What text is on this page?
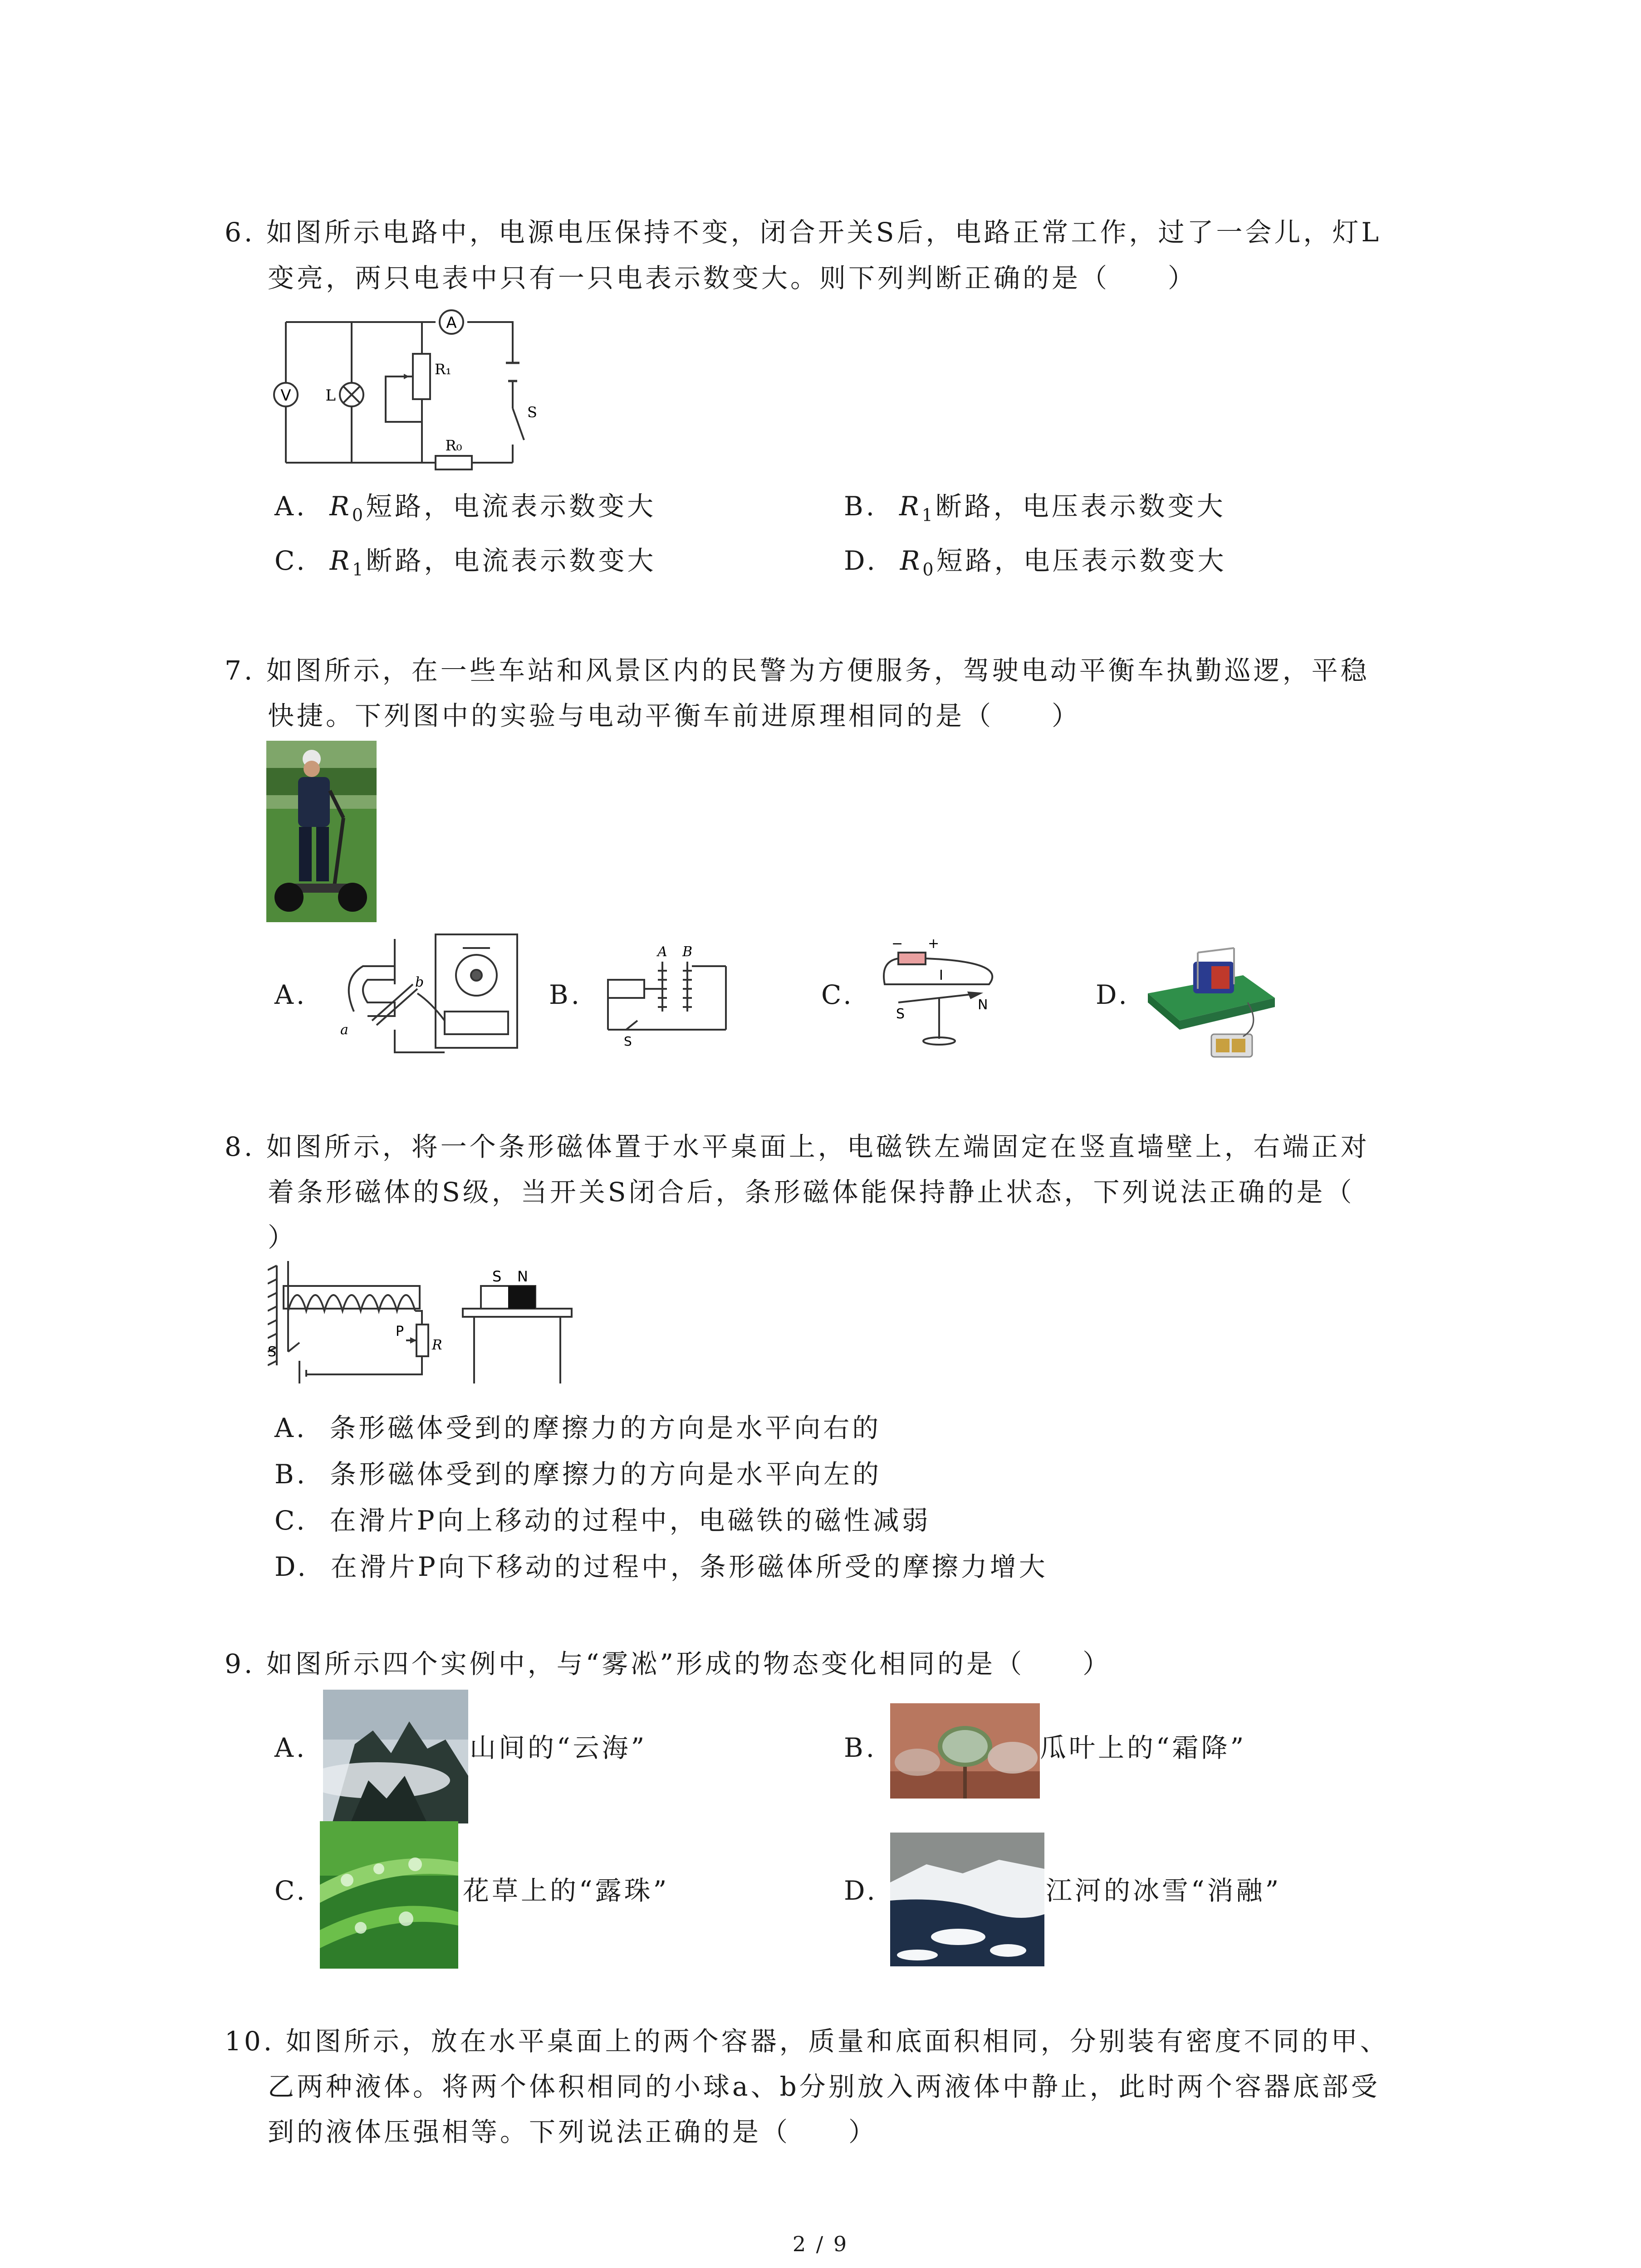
6. 如图所示电路中，电源电压保持不变，闭合开关S后，电路正常工作，过了一会儿，灯L
变亮，两只电表中只有一只电表示数变大。则下列判断正确的是（　　）
V
A
L
R₁
R₀
S
A. $R_0$短路，电流表示数变大	B. $R_1$断路，电压表示数变大
C. $R_1$断路，电流表示数变大	D. $R_0$短路，电压表示数变大
7. 如图所示，在一些车站和风景区内的民警为方便服务，驾驶电动平衡车执勤巡逻，平稳
快捷。下列图中的实验与电动平衡车前进原理相同的是（　　）
A.
a
b	B.
A B
S
C.
− +
I
S
N	D.
8. 如图所示，将一个条形磁体置于水平桌面上，电磁铁左端固定在竖直墙壁上，右端正对
着条形磁体的S级，当开关S闭合后，条形磁体能保持静止状态，下列说法正确的是（
）
S N
S
P
R
A. 条形磁体受到的摩擦力的方向是水平向右的
B. 条形磁体受到的摩擦力的方向是水平向左的
C. 在滑片P向上移动的过程中，电磁铁的磁性减弱
D. 在滑片P向下移动的过程中，条形磁体所受的摩擦力增大
9. 如图所示四个实例中，与“雾凇”形成的物态变化相同的是（　　）
A.	山间的“云海”	B.	瓜叶上的“霜降”
C.	花草上的“露珠”	D.	江河的冰雪“消融”
10. 如图所示，放在水平桌面上的两个容器，质量和底面积相同，分别装有密度不同的甲、
乙两种液体。将两个体积相同的小球a、b分别放入两液体中静止，此时两个容器底部受
到的液体压强相等。下列说法正确的是（　　）
2 / 9
